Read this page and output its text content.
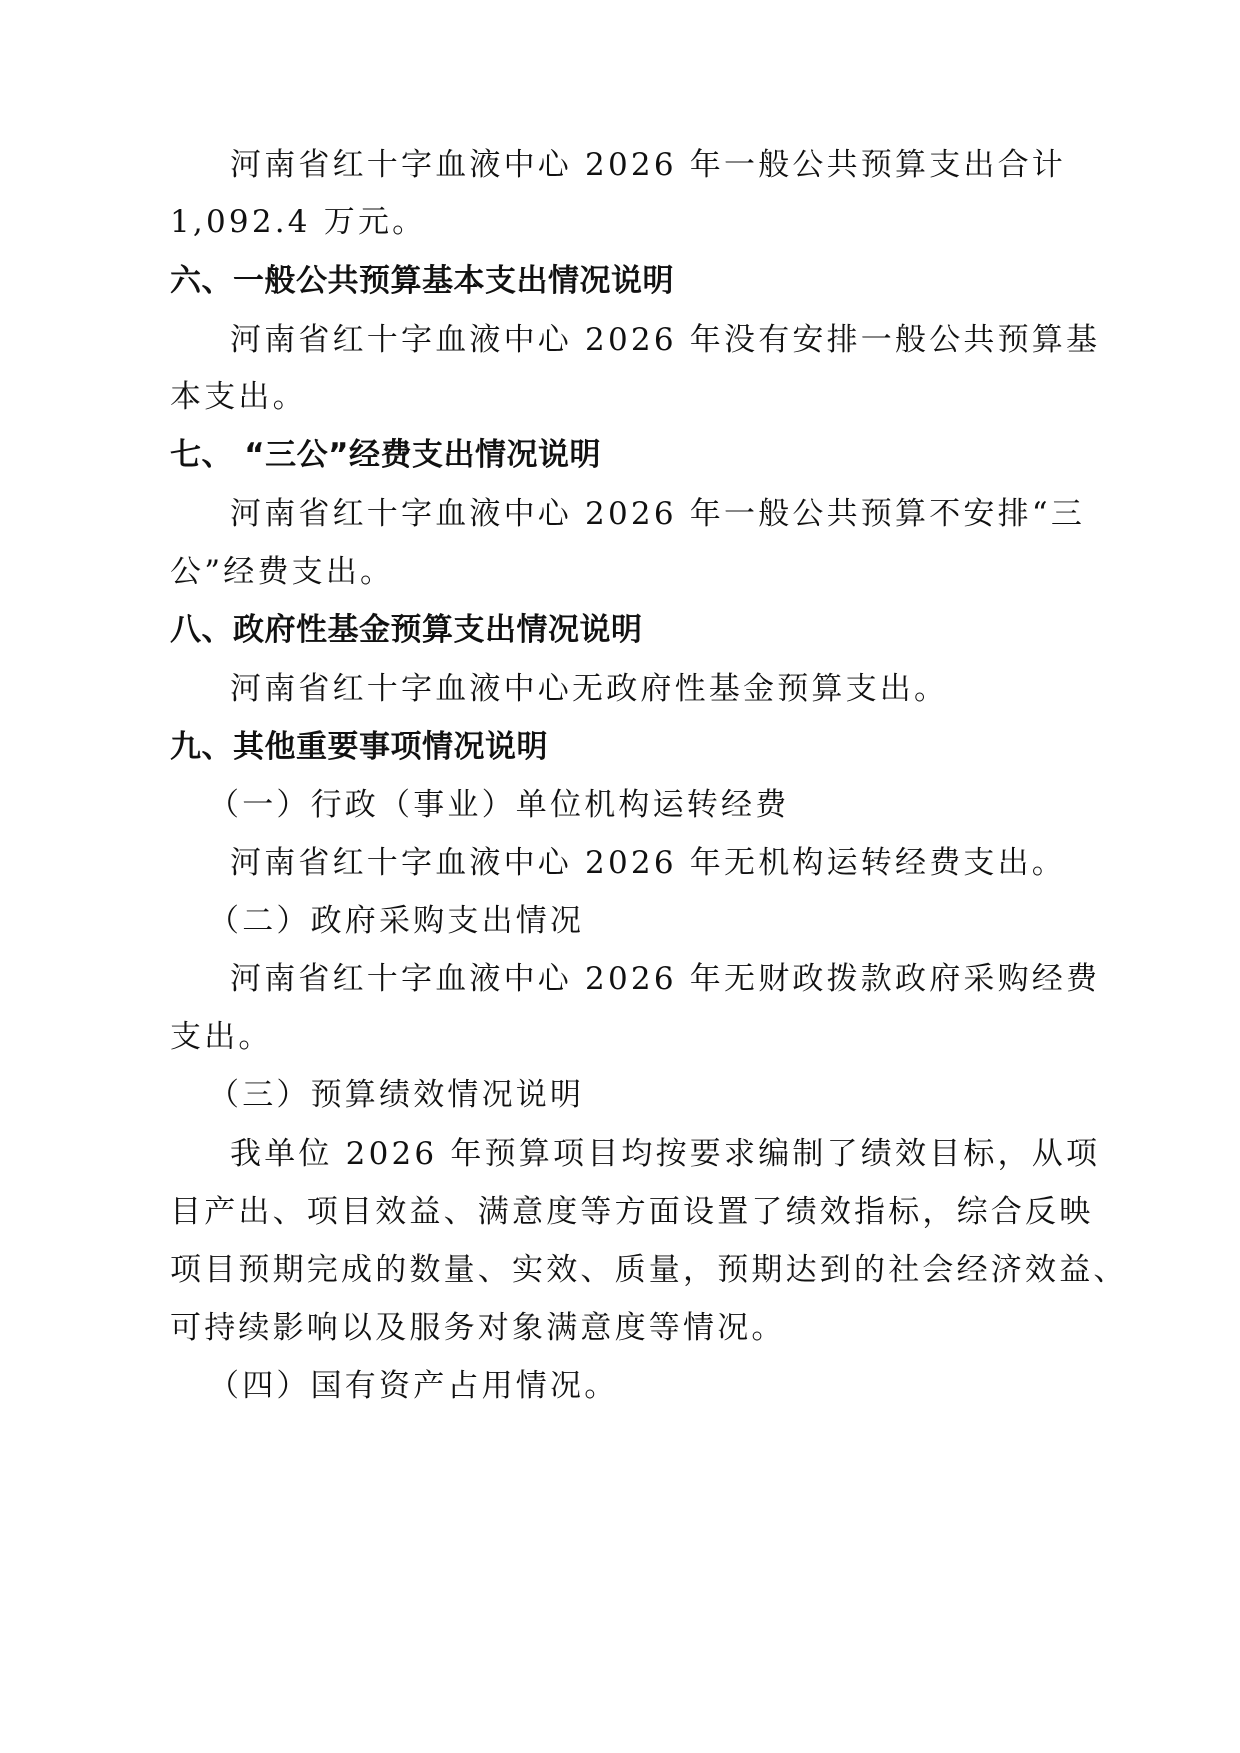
河南省红十字血液中心 2026 年一般公共预算支出合计
1,092.4 万元。
六、一般公共预算基本支出情况说明
河南省红十字血液中心 2026 年没有安排一般公共预算基
本支出。
七、 “三公”经费支出情况说明
河南省红十字血液中心 2026 年一般公共预算不安排“三
公”经费支出。
八、政府性基金预算支出情况说明
河南省红十字血液中心无政府性基金预算支出。
九、其他重要事项情况说明
（一）行政（事业）单位机构运转经费
河南省红十字血液中心 2026 年无机构运转经费支出。
（二）政府采购支出情况
河南省红十字血液中心 2026 年无财政拨款政府采购经费
支出。
（三）预算绩效情况说明
我单位 2026 年预算项目均按要求编制了绩效目标，从项
目产出、项目效益、满意度等方面设置了绩效指标，综合反映
项目预期完成的数量、实效、质量，预期达到的社会经济效益、
可持续影响以及服务对象满意度等情况。
（四）国有资产占用情况。
